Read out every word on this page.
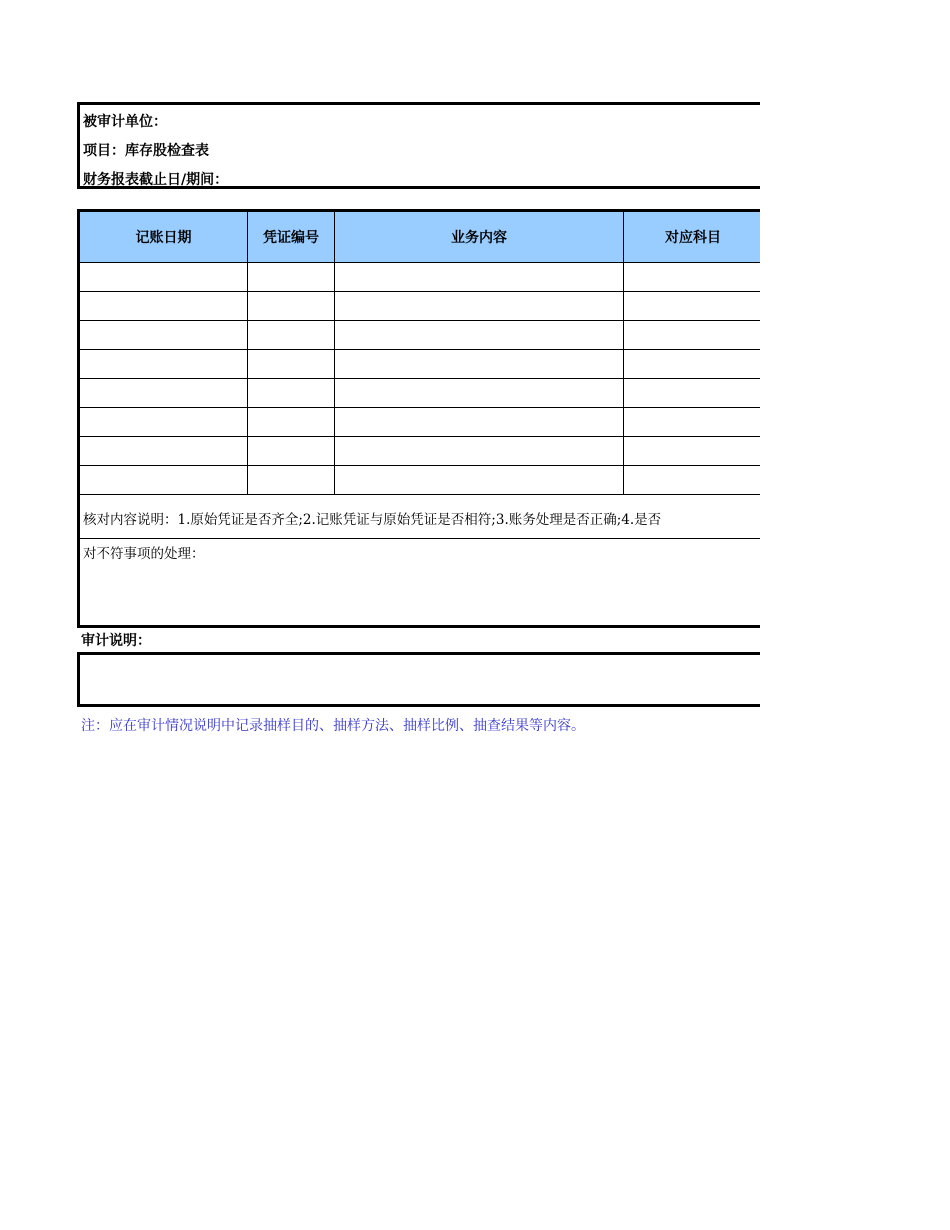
被审计单位：
项目：库存股检查表
财务报表截止日/期间：
记账日期	凭证编号	业务内容	对应科目
核对内容说明：1.原始凭证是否齐全;2.记账凭证与原始凭证是否相符;3.账务处理是否正确;4.是否
对不符事项的处理：
审计说明：
注：应在审计情况说明中记录抽样目的、抽样方法、抽样比例、抽查结果等内容。
